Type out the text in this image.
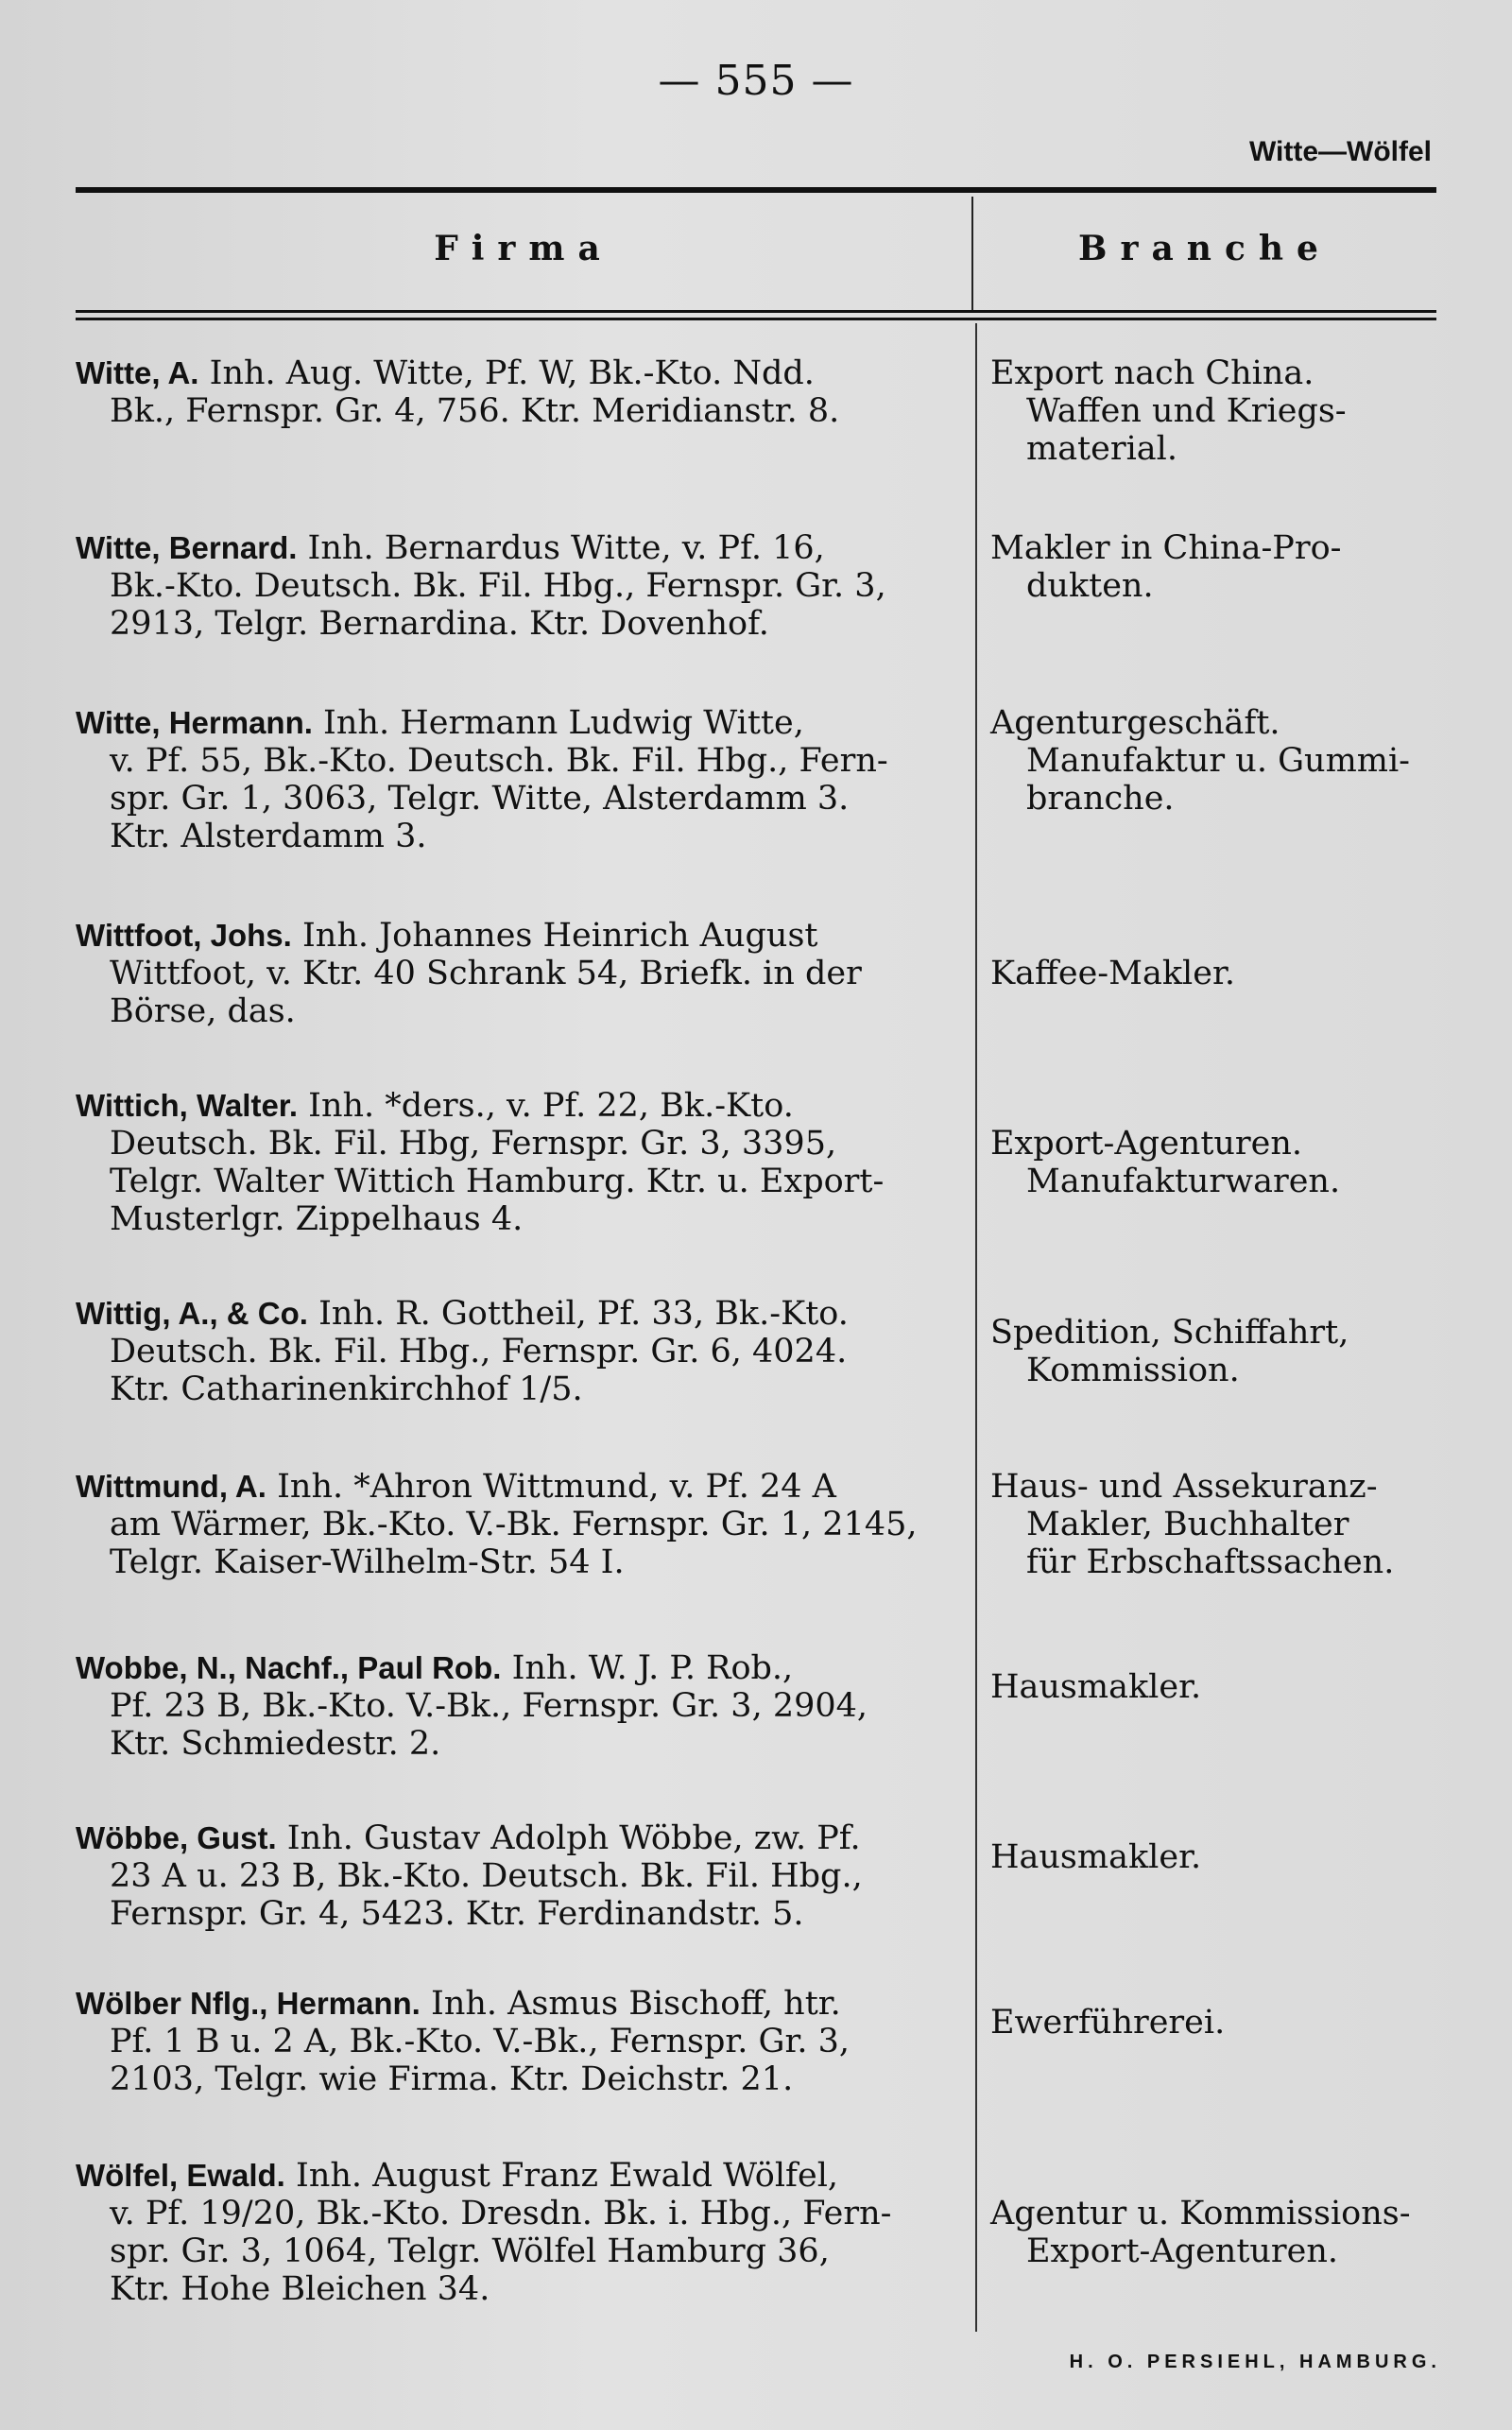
— 555 —
Witte—Wölfel
Firma	Branche
Witte, A. Inh. Aug. Witte, Pf. W, Bk.-Kto. Ndd.
Bk., Fernspr. Gr. 4, 756. Ktr. Meridianstr. 8.
Export nach China.
Waffen und Kriegs-
material.
Witte, Bernard. Inh. Bernardus Witte, v. Pf. 16,
Bk.-Kto. Deutsch. Bk. Fil. Hbg., Fernspr. Gr. 3,
2913, Telgr. Bernardina. Ktr. Dovenhof.
Makler in China-Pro-
dukten.
Witte, Hermann. Inh. Hermann Ludwig Witte,
v. Pf. 55, Bk.-Kto. Deutsch. Bk. Fil. Hbg., Fern-
spr. Gr. 1, 3063, Telgr. Witte, Alsterdamm 3.
Ktr. Alsterdamm 3.
Agenturgeschäft.
Manufaktur u. Gummi-
branche.
Wittfoot, Johs. Inh. Johannes Heinrich August
Wittfoot, v. Ktr. 40 Schrank 54, Briefk. in der
Börse, das.
Kaffee-Makler.
Wittich, Walter. Inh. *ders., v. Pf. 22, Bk.-Kto.
Deutsch. Bk. Fil. Hbg, Fernspr. Gr. 3, 3395,
Telgr. Walter Wittich Hamburg. Ktr. u. Export-
Musterlgr. Zippelhaus 4.
Export-Agenturen.
Manufakturwaren.
Wittig, A., & Co. Inh. R. Gottheil, Pf. 33, Bk.-Kto.
Deutsch. Bk. Fil. Hbg., Fernspr. Gr. 6, 4024.
Ktr. Catharinenkirchhof 1/5.
Spedition, Schiffahrt,
Kommission.
Wittmund, A. Inh. *Ahron Wittmund, v. Pf. 24 A
am Wärmer, Bk.-Kto. V.-Bk. Fernspr. Gr. 1, 2145,
Telgr. Kaiser-Wilhelm-Str. 54 I.
Haus- und Assekuranz-
Makler, Buchhalter
für Erbschaftssachen.
Wobbe, N., Nachf., Paul Rob. Inh. W. J. P. Rob.,
Pf. 23 B, Bk.-Kto. V.-Bk., Fernspr. Gr. 3, 2904,
Ktr. Schmiedestr. 2.
Hausmakler.
Wöbbe, Gust. Inh. Gustav Adolph Wöbbe, zw. Pf.
23 A u. 23 B, Bk.-Kto. Deutsch. Bk. Fil. Hbg.,
Fernspr. Gr. 4, 5423. Ktr. Ferdinandstr. 5.
Hausmakler.
Wölber Nflg., Hermann. Inh. Asmus Bischoff, htr.
Pf. 1 B u. 2 A, Bk.-Kto. V.-Bk., Fernspr. Gr. 3,
2103, Telgr. wie Firma. Ktr. Deichstr. 21.
Ewerführerei.
Wölfel, Ewald. Inh. August Franz Ewald Wölfel,
v. Pf. 19/20, Bk.-Kto. Dresdn. Bk. i. Hbg., Fern-
spr. Gr. 3, 1064, Telgr. Wölfel Hamburg 36,
Ktr. Hohe Bleichen 34.
Agentur u. Kommissions-
Export-Agenturen.
H. O. PERSIEHL, HAMBURG.
